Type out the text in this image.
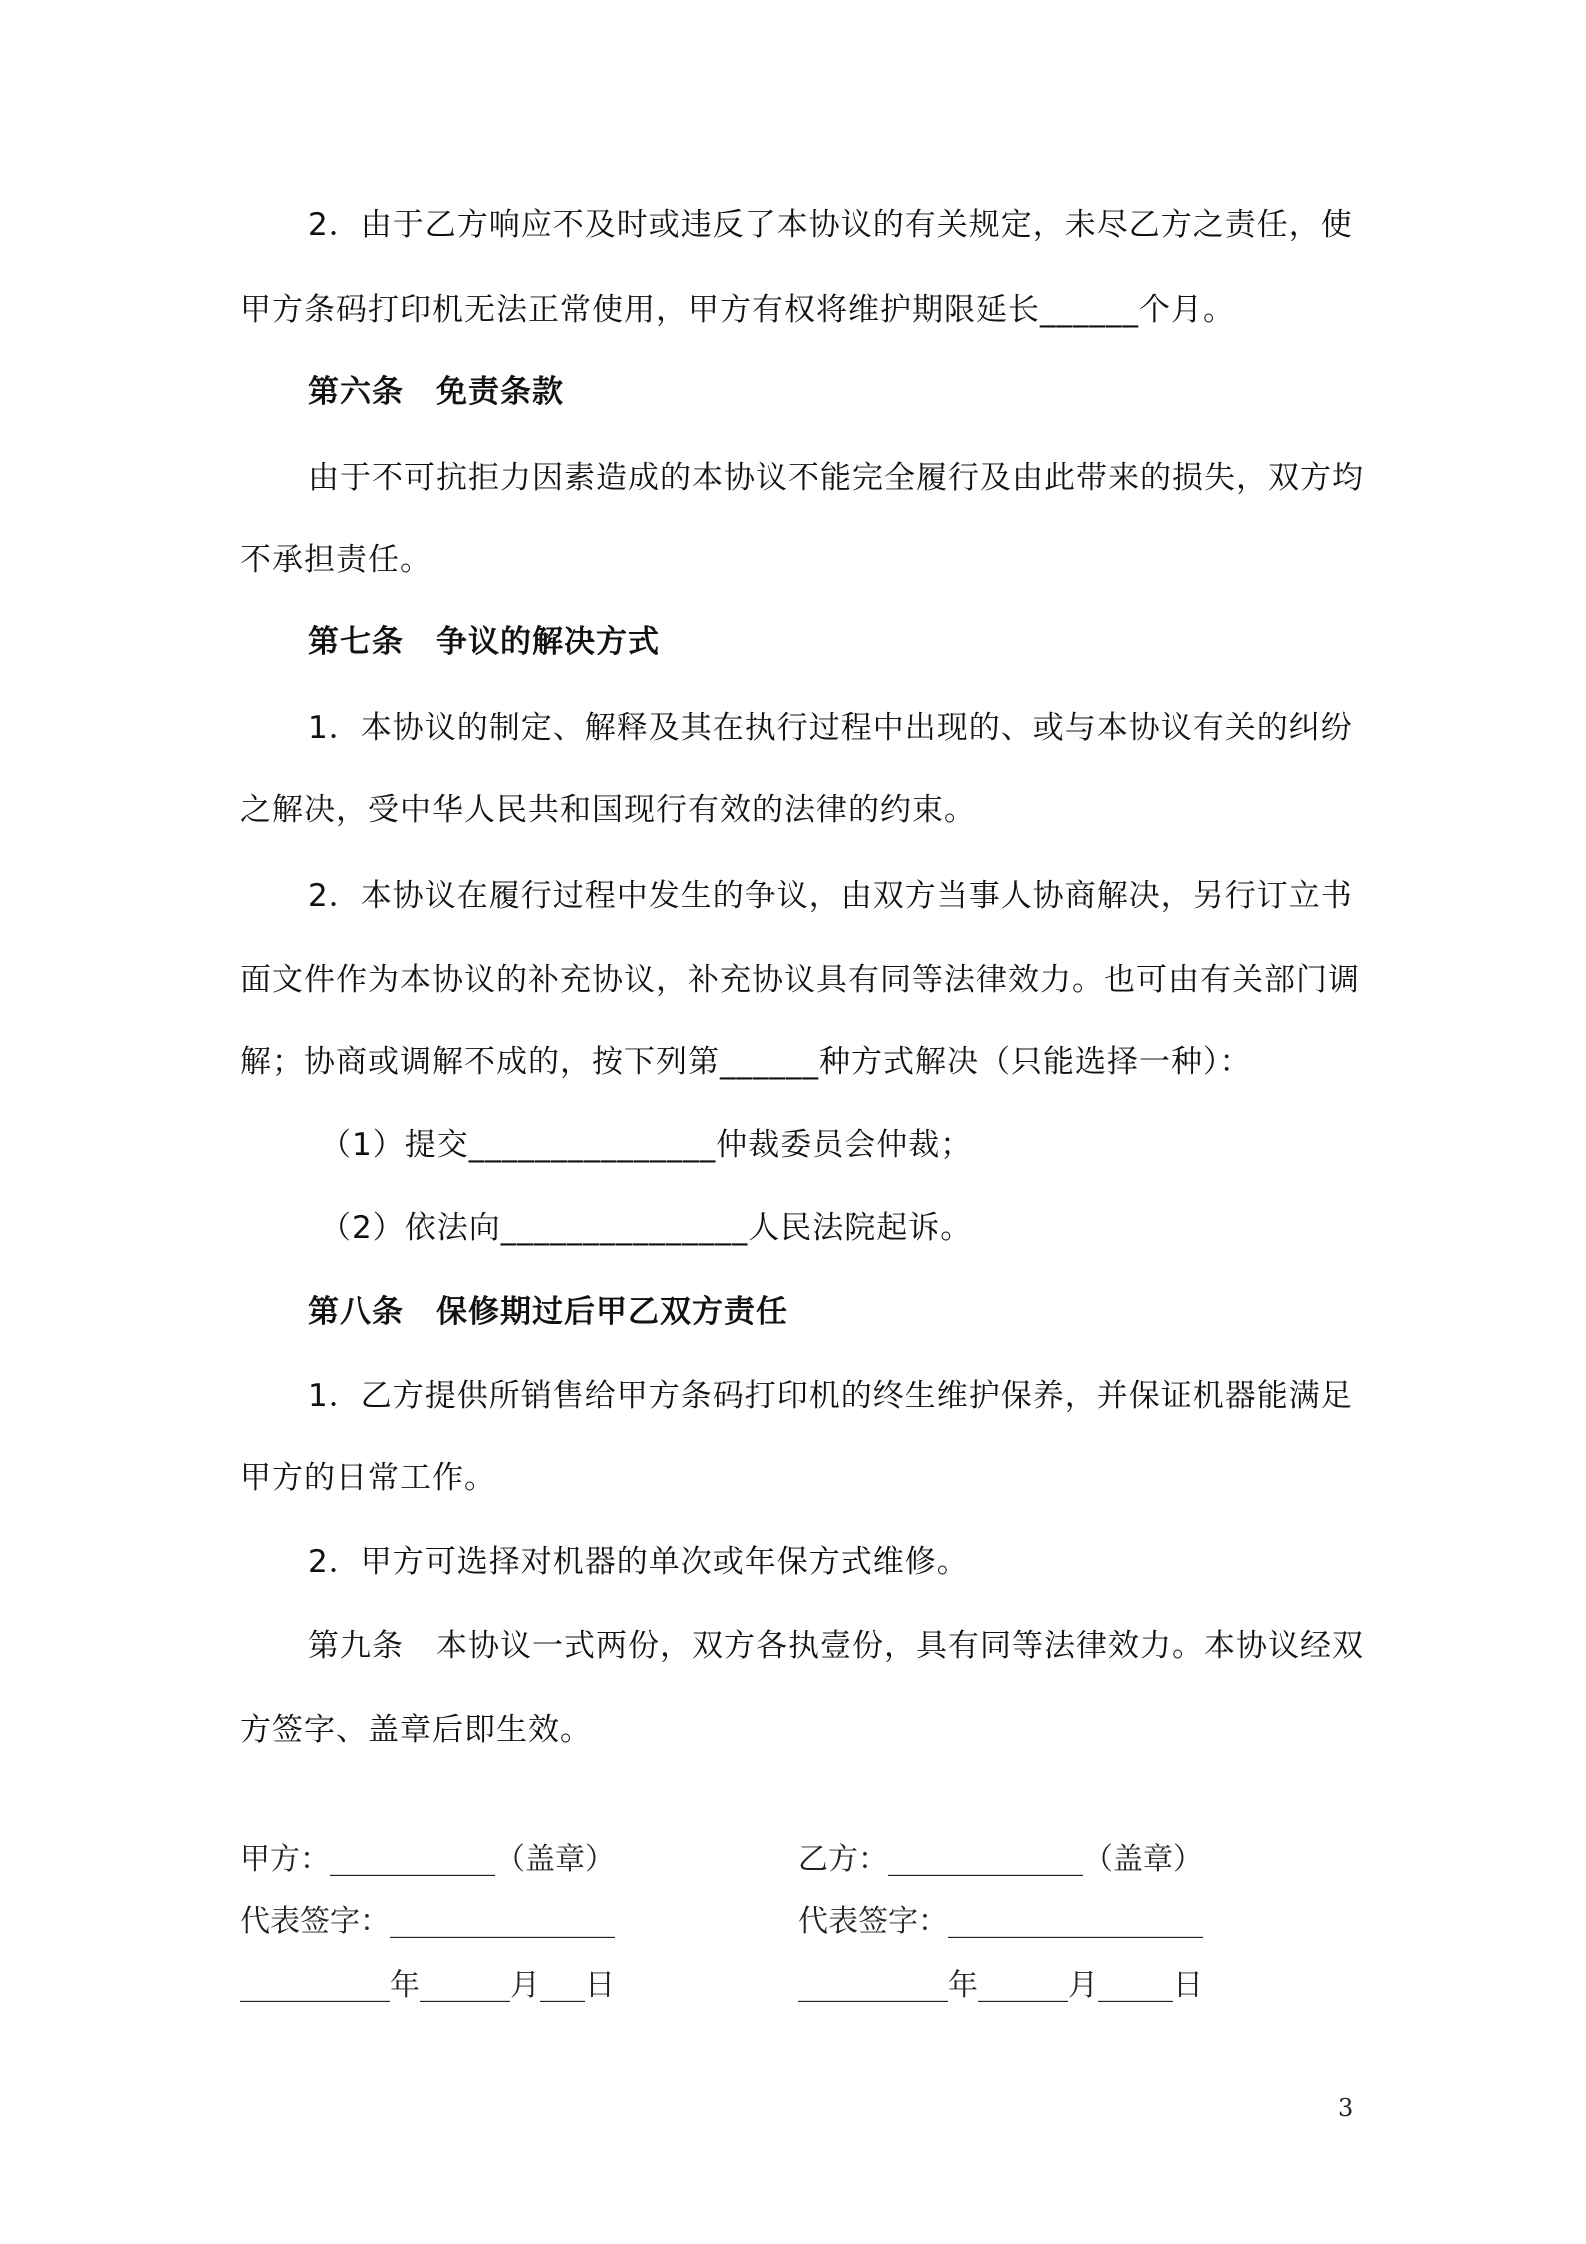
2．由于乙方响应不及时或违反了本协议的有关规定，未尽乙方之责任，使
甲方条码打印机无法正常使用，甲方有权将维护期限延长______个月。
第六条　免责条款
由于不可抗拒力因素造成的本协议不能完全履行及由此带来的损失，双方均
不承担责任。
第七条　争议的解决方式
1．本协议的制定、解释及其在执行过程中出现的、或与本协议有关的纠纷
之解决，受中华人民共和国现行有效的法律的约束。
2．本协议在履行过程中发生的争议，由双方当事人协商解决，另行订立书
面文件作为本协议的补充协议，补充协议具有同等法律效力。也可由有关部门调
解；协商或调解不成的，按下列第______种方式解决（只能选择一种）：
（1）提交_______________仲裁委员会仲裁；
（2）依法向_______________人民法院起诉。
第八条　保修期过后甲乙双方责任
1．乙方提供所销售给甲方条码打印机的终生维护保养，并保证机器能满足
甲方的日常工作。
2．甲方可选择对机器的单次或年保方式维修。
第九条　本协议一式两份，双方各执壹份，具有同等法律效力。本协议经双
方签字、盖章后即生效。
甲方：___________（盖章）
代表签字：_______________
__________年______月___日
乙方：_____________（盖章）
代表签字：_________________
__________年______月_____日
3
